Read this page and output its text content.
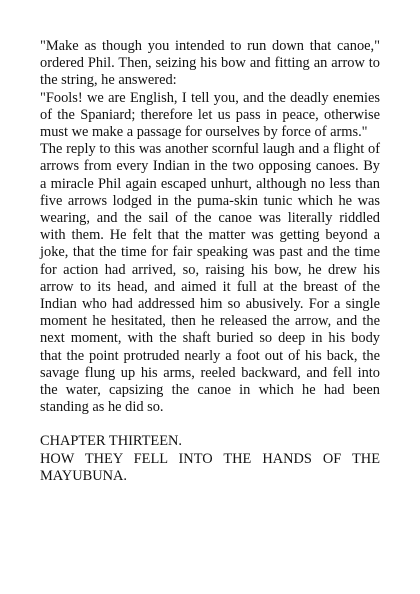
"Make as though you intended to run down that canoe," ordered Phil. Then, seizing his bow and fitting an arrow to the string, he answered:

"Fools! we are English, I tell you, and the deadly enemies of the Spaniard; therefore let us pass in peace, otherwise must we make a passage for ourselves by force of arms."

The reply to this was another scornful laugh and a flight of arrows from every Indian in the two opposing canoes. By a miracle Phil again escaped unhurt, although no less than five arrows lodged in the puma-skin tunic which he was wearing, and the sail of the canoe was literally riddled with them. He felt that the matter was getting beyond a joke, that the time for fair speaking was past and the time for action had arrived, so, raising his bow, he drew his arrow to its head, and aimed it full at the breast of the Indian who had addressed him so abusively. For a single moment he hesitated, then he released the arrow, and the next moment, with the shaft buried so deep in his body that the point protruded nearly a foot out of his back, the savage flung up his arms, reeled backward, and fell into the water, capsizing the canoe in which he had been standing as he did so.

CHAPTER THIRTEEN.

HOW THEY FELL INTO THE HANDS OF THE MAYUBUNA.
